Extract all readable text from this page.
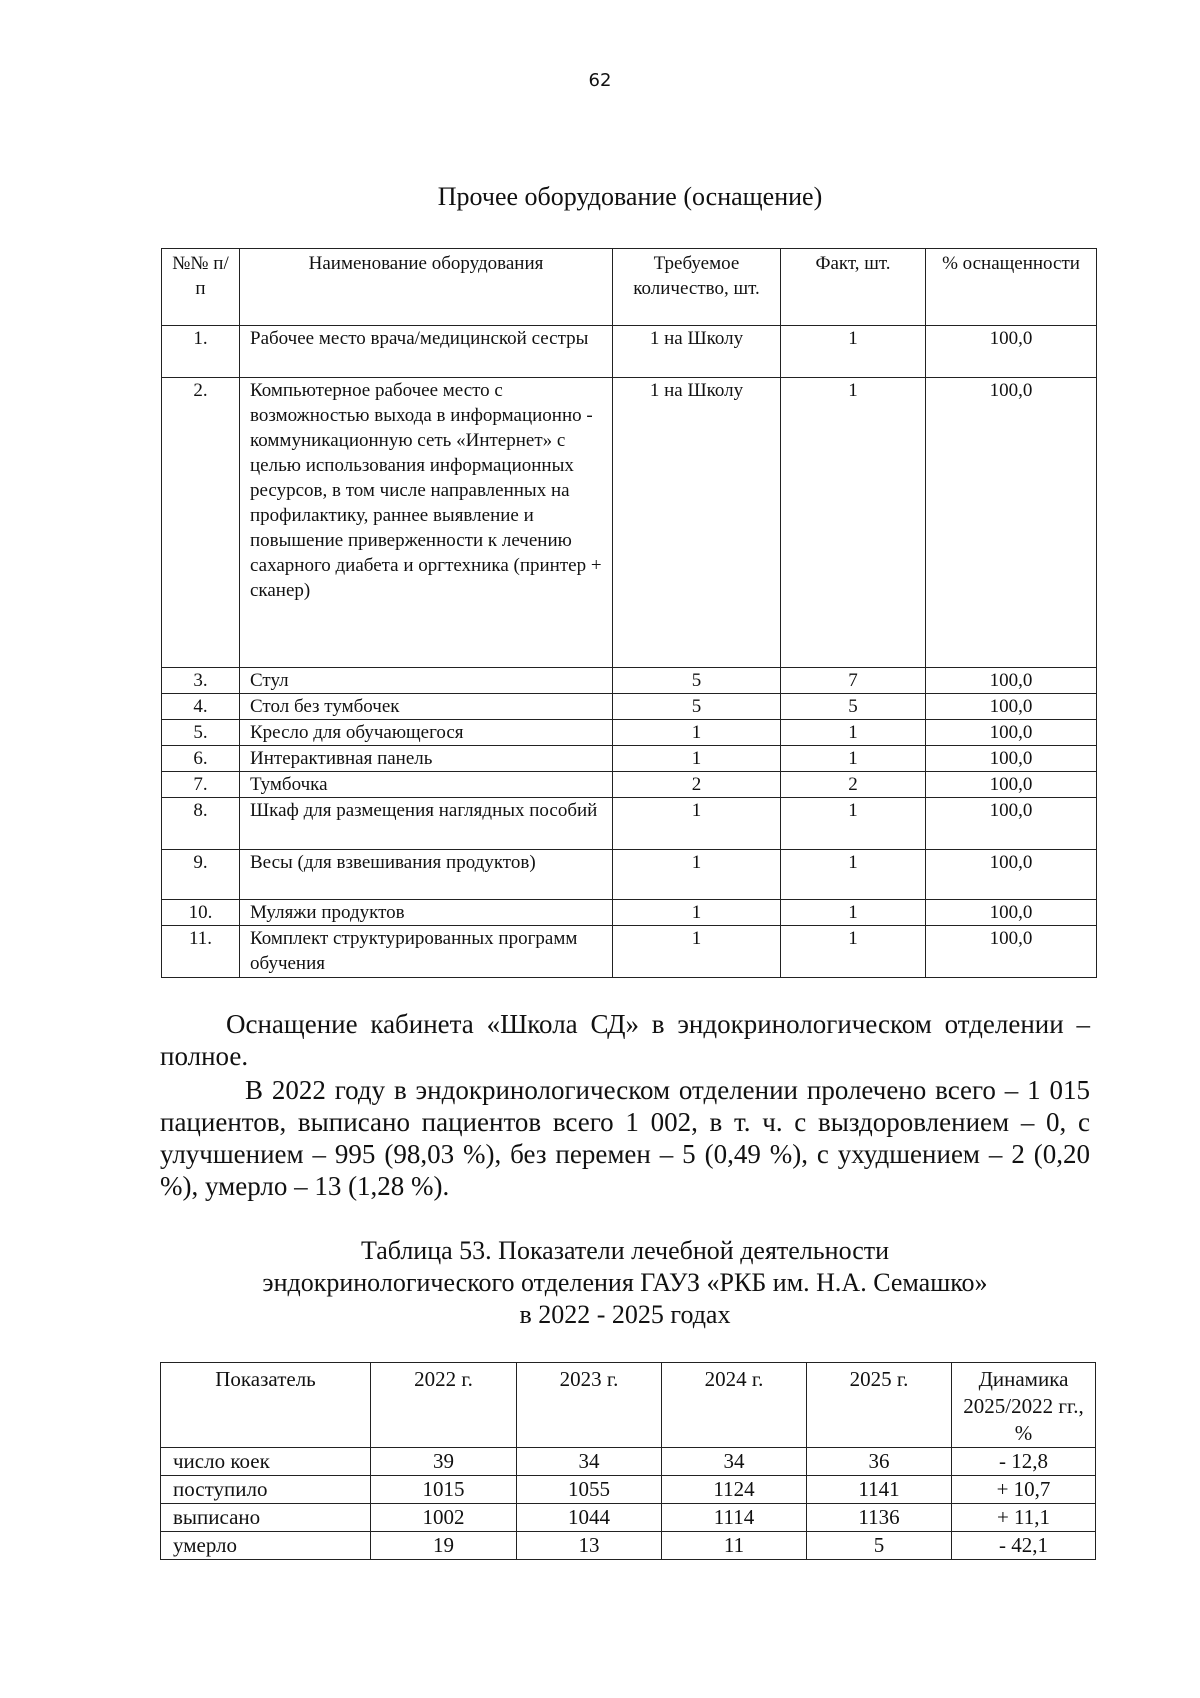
62
Прочее оборудование (оснащение)
№№ п/п	Наименование оборудования	Требуемое количество, шт.	Факт, шт.	% оснащенности
1.	Рабочее место врача/медицинской сестры	1 на Школу	1	100,0
2.	Компьютерное рабочее место с возможностью выхода в информационно - коммуникационную сеть «Интернет» с целью использования информационных ресурсов, в том числе направленных на профилактику, раннее выявление и повышение приверженности к лечению сахарного диабета и оргтехника (принтер + сканер)	1 на Школу	1	100,0
3.	Стул	5	7	100,0
4.	Стол без тумбочек	5	5	100,0
5.	Кресло для обучающегося	1	1	100,0
6.	Интерактивная панель	1	1	100,0
7.	Тумбочка	2	2	100,0
8.	Шкаф для размещения наглядных пособий	1	1	100,0
9.	Весы (для взвешивания продуктов)	1	1	100,0
10.	Муляжи продуктов	1	1	100,0
11.	Комплект структурированных программ обучения	1	1	100,0
Оснащение кабинета «Школа СД» в эндокринологическом отделении – полное.
В 2022 году в эндокринологическом отделении пролечено всего – 1 015 пациентов, выписано пациентов всего 1 002, в т. ч. с выздоровлением – 0, с улучшением – 995 (98,03 %), без перемен – 5 (0,49 %), с ухудшением – 2 (0,20 %), умерло – 13 (1,28 %).
Таблица 53. Показатели лечебной деятельности
эндокринологического отделения ГАУЗ «РКБ им. Н.А. Семашко»
в 2022 - 2025 годах
Показатель	2022 г.	2023 г.	2024 г.	2025 г.	Динамика 2025/2022 гг., %
число коек	39	34	34	36	- 12,8
поступило	1015	1055	1124	1141	+ 10,7
выписано	1002	1044	1114	1136	+ 11,1
умерло	19	13	11	5	- 42,1
